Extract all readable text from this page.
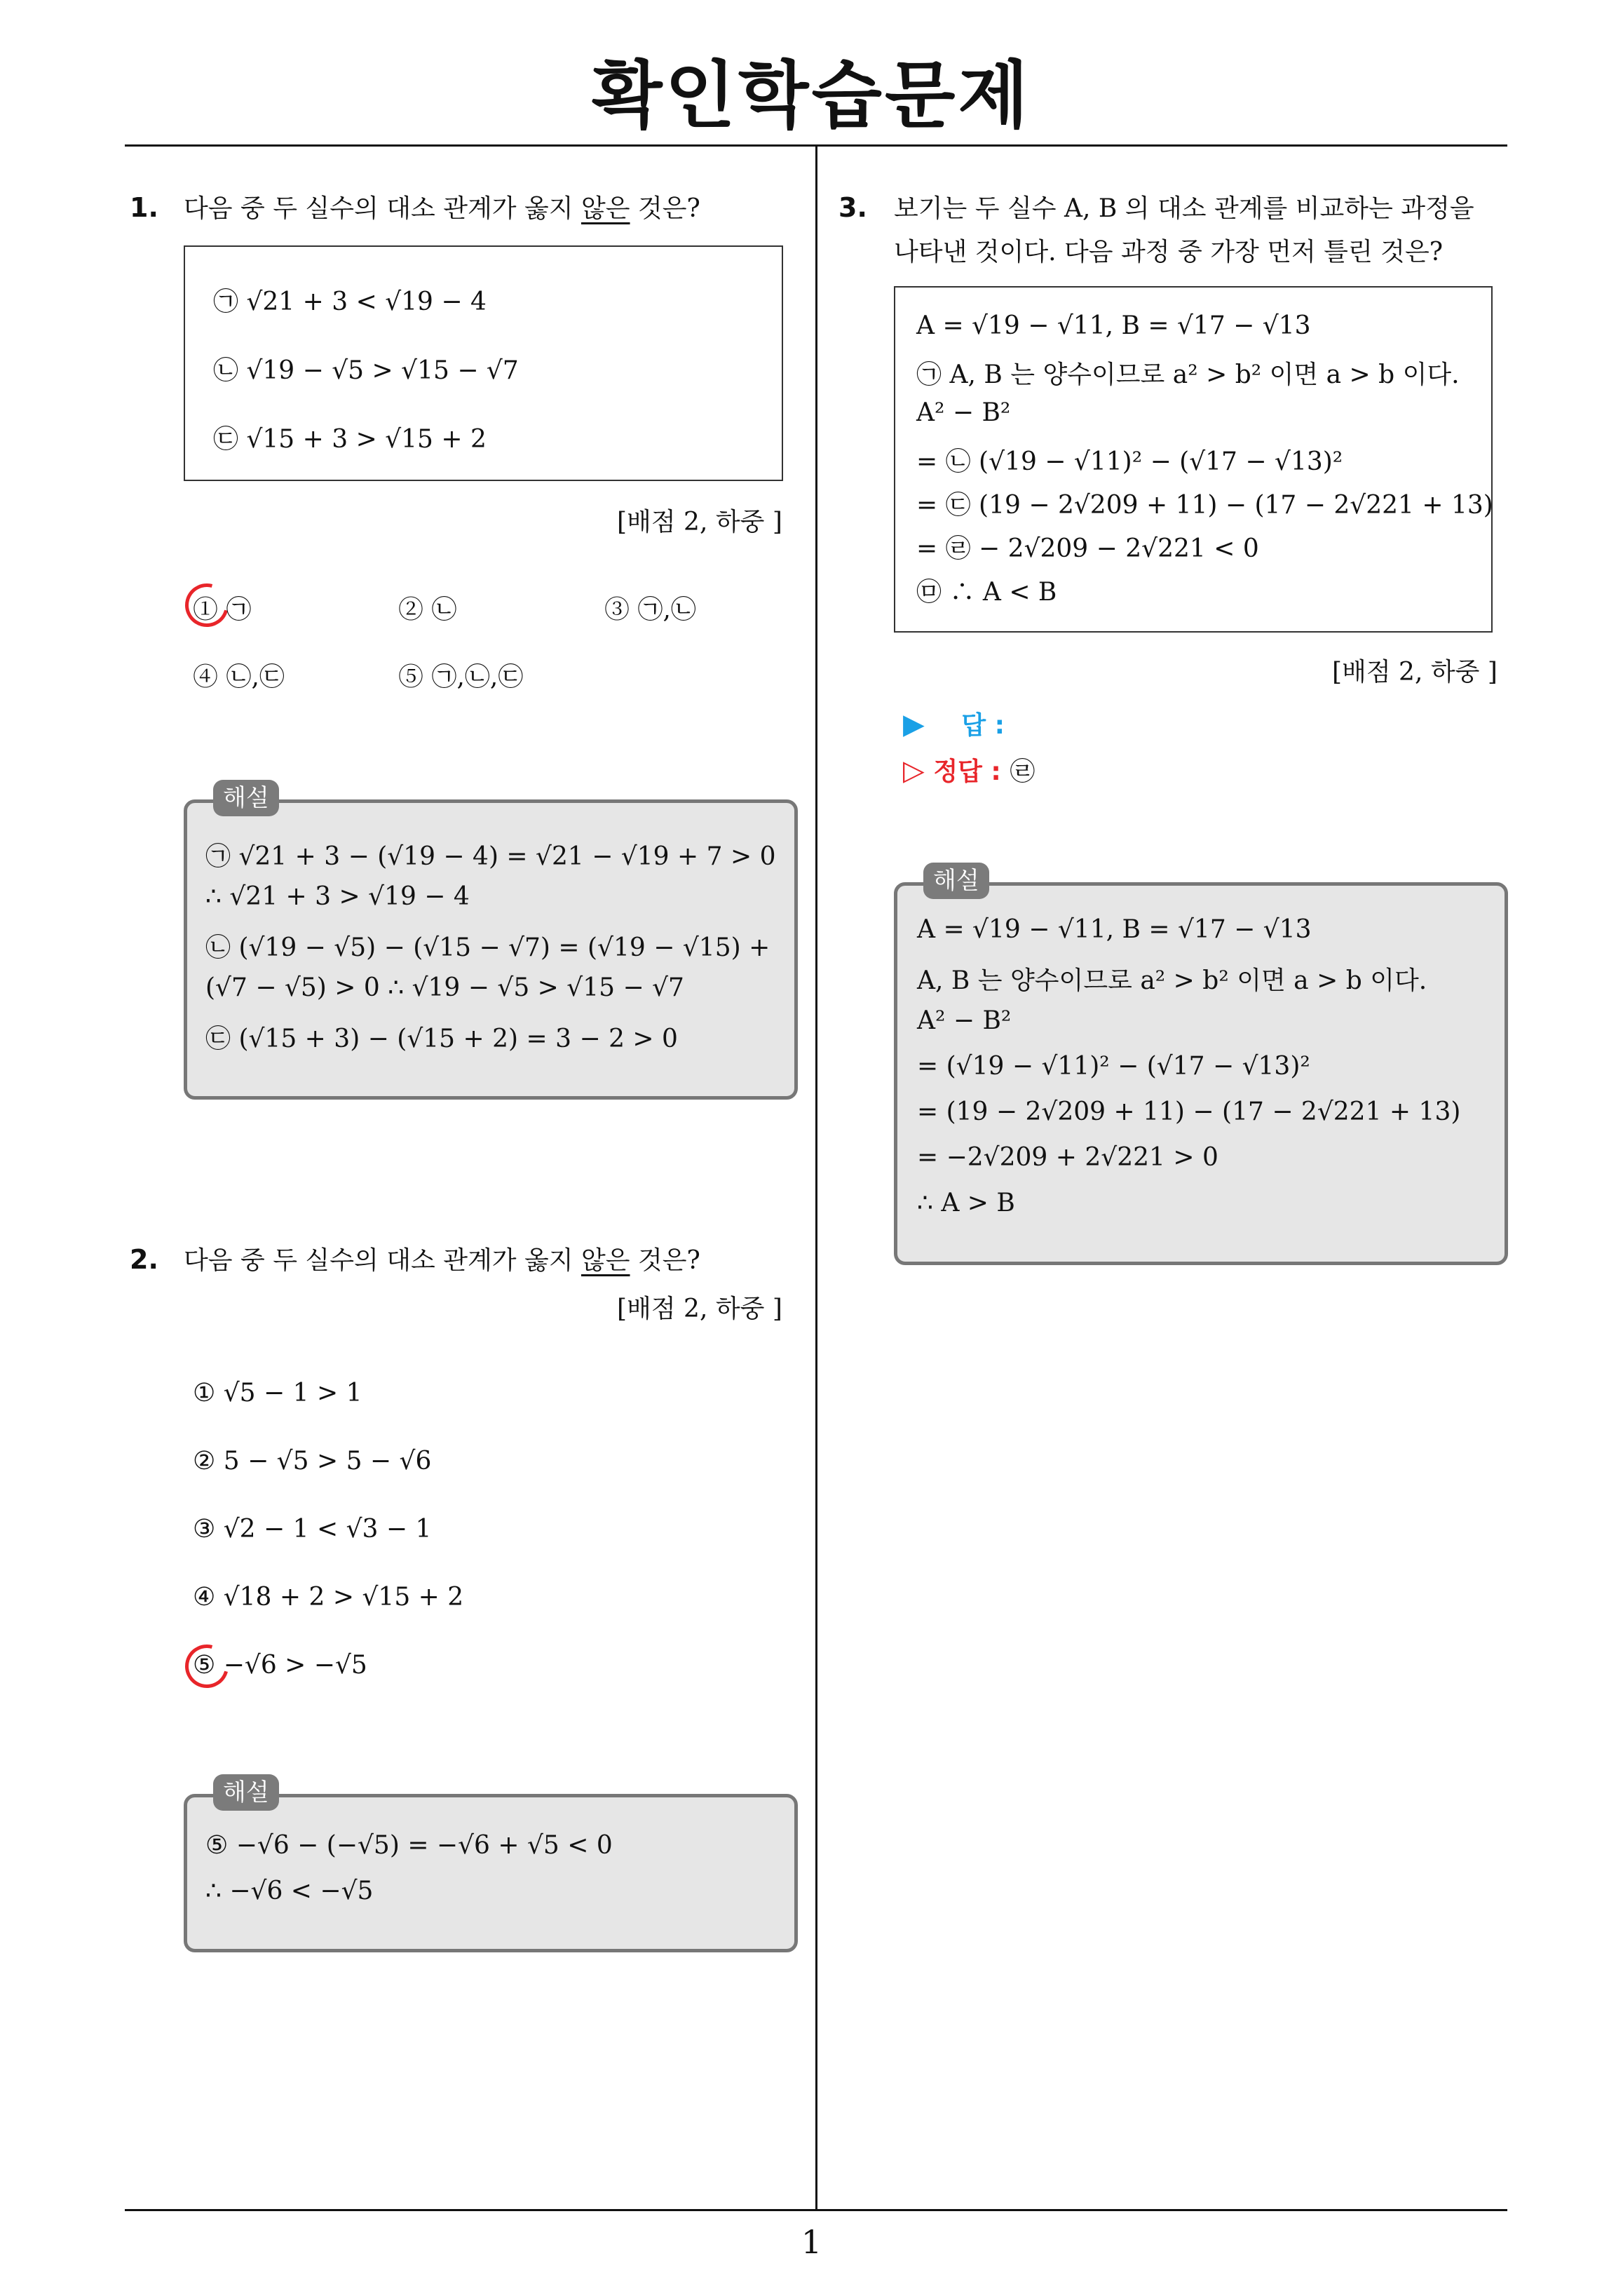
확인학습문제
1. 다음 중 두 실수의 대소 관계가 옳지 않은 것은?
㉠ √21 + 3 < √19 − 4
㉡ √19 − √5 > √15 − √7
㉢ √15 + 3 > √15 + 2
[배점 2, 하중 ]
① ㉠	② ㉡	③ ㉠,㉡
④ ㉡,㉢	⑤ ㉠,㉡,㉢
㉠ √21 + 3 − (√19 − 4) = √21 − √19 + 7 > 0
∴ √21 + 3 > √19 − 4
㉡ (√19 − √5) − (√15 − √7) = (√19 − √15) +
(√7 − √5) > 0 ∴ √19 − √5 > √15 − √7
㉢ (√15 + 3) − (√15 + 2) = 3 − 2 > 0
해설
2. 다음 중 두 실수의 대소 관계가 옳지 않은 것은?
[배점 2, 하중 ]
① √5 − 1 > 1
② 5 − √5 > 5 − √6
③ √2 − 1 < √3 − 1
④ √18 + 2 > √15 + 2
⑤ −√6 > −√5
⑤ −√6 − (−√5) = −√6 + √5 < 0
∴ −√6 < −√5
해설
3. 보기는 두 실수 A, B 의 대소 관계를 비교하는 과정을
나타낸 것이다. 다음 과정 중 가장 먼저 틀린 것은?
A = √19 − √11, B = √17 − √13
㉠ A, B 는 양수이므로 a² > b² 이면 a > b 이다.
A² − B²
= ㉡ (√19 − √11)² − (√17 − √13)²
= ㉢ (19 − 2√209 + 11) − (17 − 2√221 + 13)
= ㉣ − 2√209 − 2√221 < 0
㉤ ∴ A < B
[배점 2, 하중 ]
▶ 답 :
▷ 정답 : ㉣
A = √19 − √11, B = √17 − √13
A, B 는 양수이므로 a² > b² 이면 a > b 이다.
A² − B²
= (√19 − √11)² − (√17 − √13)²
= (19 − 2√209 + 11) − (17 − 2√221 + 13)
= −2√209 + 2√221 > 0
∴ A > B
해설
1
